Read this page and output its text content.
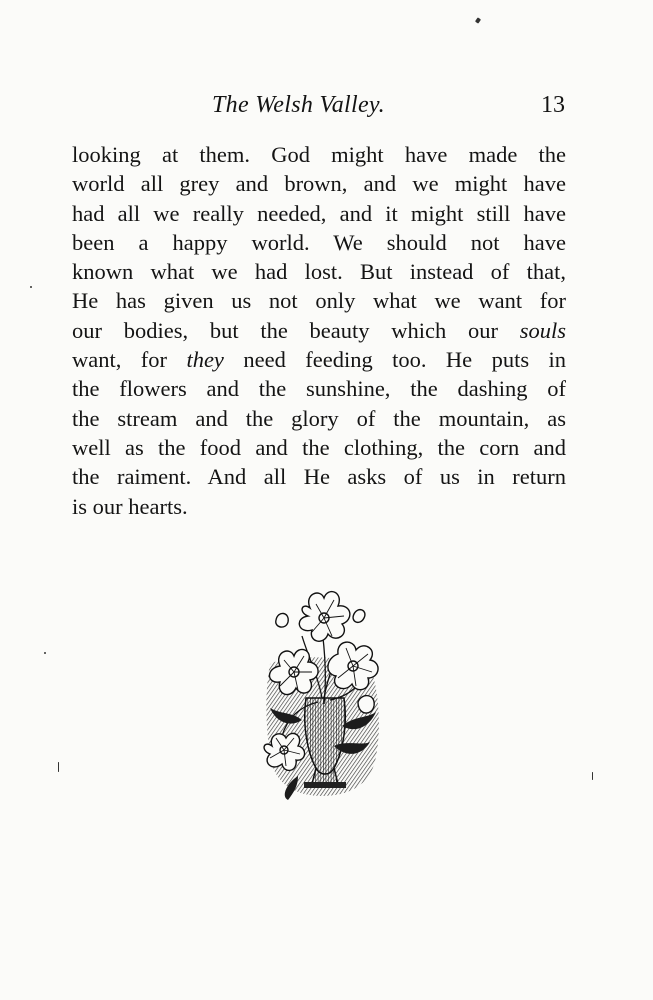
The Welsh Valley.	13
looking at them. God might have made the
world all grey and brown, and we might have
had all we really needed, and it might still have
been a happy world. We should not have
known what we had lost. But instead of that,
He has given us not only what we want for
our bodies, but the beauty which our souls
want, for they need feeding too. He puts in
the flowers and the sunshine, the dashing of
the stream and the glory of the mountain, as
well as the food and the clothing, the corn and
the raiment. And all He asks of us in return
is our hearts.
